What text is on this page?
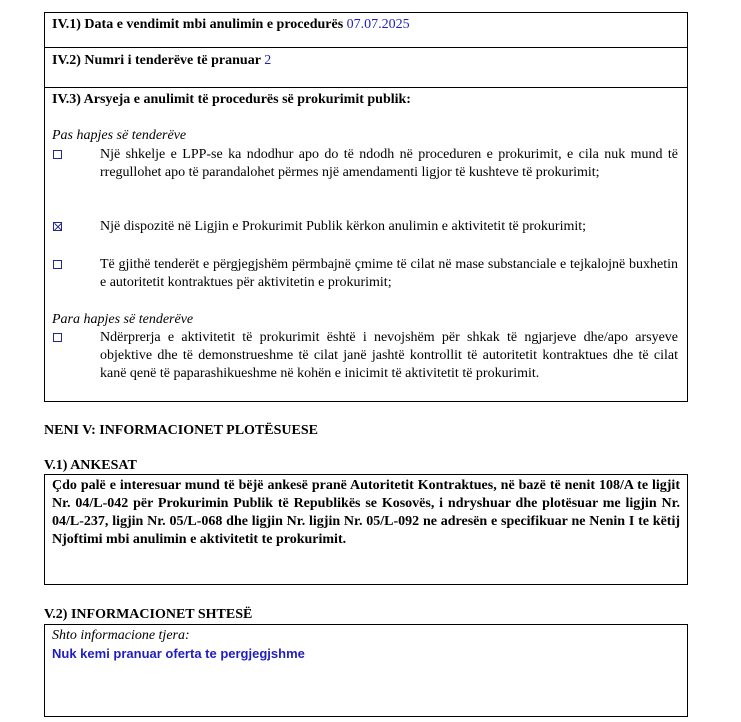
IV.1) Data e vendimit mbi anulimin e procedurës 07.07.2025
IV.2) Numri i tenderëve të pranuar 2
IV.3) Arsyeja e anulimit të procedurës së prokurimit publik:
Pas hapjes së tenderëve
Një shkelje e LPP-se ka ndodhur apo do të ndodh në proceduren e prokurimit, e cila nuk mund të rregullohet apo të parandalohet përmes një amendamenti ligjor të kushteve të prokurimit;
Një dispozitë në Ligjin e Prokurimit Publik kërkon anulimin e aktivitetit të prokurimit;
Të gjithë tenderët e përgjegjshëm përmbajnë çmime të cilat në mase substanciale e tejkalojnë buxhetin e autoritetit kontraktues për aktivitetin e prokurimit;
Para hapjes së tenderëve
Ndërprerja e aktivitetit të prokurimit është i nevojshëm për shkak të ngjarjeve dhe/apo arsyeve objektive dhe të demonstrueshme të cilat janë jashtë kontrollit të autoritetit kontraktues dhe të cilat kanë qenë të paparashikueshme në kohën e inicimit të aktivitetit të prokurimit.
NENI V: INFORMACIONET PLOTËSUESE
V.1) ANKESAT
Çdo palë e interesuar mund të bëjë ankesë pranë Autoritetit Kontraktues, në bazë të nenit 108/A te ligjit Nr. 04/L-042 për Prokurimin Publik të Republikës se Kosovës, i ndryshuar dhe plotësuar me ligjin Nr. 04/L-237, ligjin Nr. 05/L-068 dhe ligjin Nr. ligjin Nr. 05/L-092 ne adresën e specifikuar ne Nenin I te këtij Njoftimi mbi anulimin e aktivitetit te prokurimit.
V.2) INFORMACIONET SHTESË
Shto informacione tjera:
Nuk kemi pranuar oferta te pergjegjshme
